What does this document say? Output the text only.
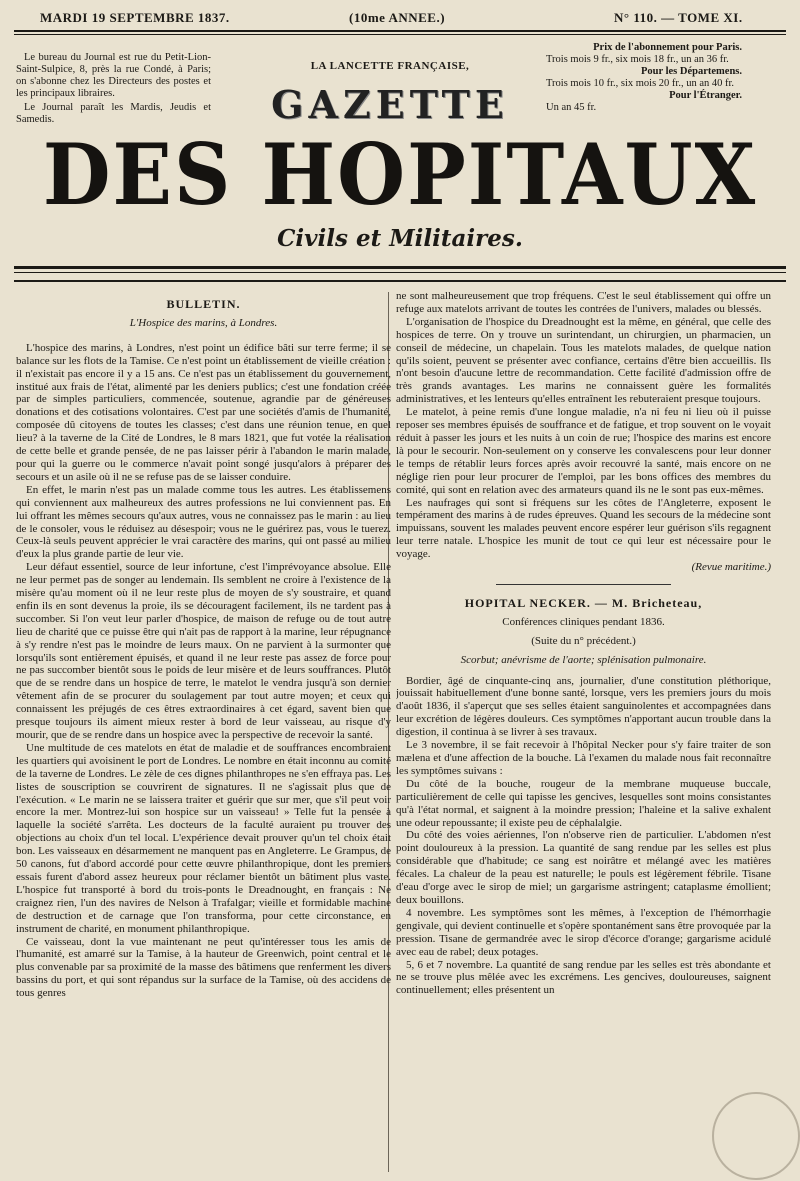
MARDI 19 SEPTEMBRE 1837.	(10me ANNEE.)	N° 110. — TOME XI.

Le bureau du Journal est rue du Petit-Lion-Saint-Sulpice, 8, près la rue Condé, à Paris; on s'abonne chez les Directeurs des postes et les principaux libraires.

Le Journal paraît les Mardis, Jeudis et Samedis.

LA LANCETTE FRANÇAISE,
GAZETTE

Prix de l'abonnement pour Paris.

Trois mois 9 fr., six mois 18 fr., un an 36 fr.

Pour les Départemens.

Trois mois 10 fr., six mois 20 fr., un an 40 fr.

Pour l'Étranger.

Un an 45 fr.

DES HOPITAUX
Civils et Militaires.
BULLETIN.

L'Hospice des marins, à Londres.

L'hospice des marins, à Londres, n'est point un édifice bâti sur terre ferme; il se balance sur les flots de la Tamise. Ce n'est point un établissement de vieille création : il n'existait pas encore il y a 15 ans. Ce n'est pas un établissement du gouvernement, institué aux frais de l'état, alimenté par les deniers publics; c'est une fondation créée par de simples particuliers, commencée, soutenue, agrandie par de généreuses donations et des cotisations volontaires. C'est par une sociétés d'amis de l'humanité, composée dû citoyens de toutes les classes; c'est dans une réunion tenue, en quel lieu? à la taverne de la Cité de Londres, le 8 mars 1821, que fut votée la réalisation de cette belle et grande pensée, de ne pas laisser périr à l'abandon le marin malade, pour qui la guerre ou le commerce n'avait point songé jusqu'alors à préparer des secours et un asile où il ne se refuse pas de se laisser conduire.

En effet, le marin n'est pas un malade comme tous les autres. Les établissemens qui conviennent aux malheureux des autres professions ne lui conviennent pas. En lui offrant les mêmes secours qu'aux autres, vous ne connaissez pas le marin : au lieu de le consoler, vous le réduisez au désespoir; vous ne le guérirez pas, vous le tuerez. Ceux-là seuls peuvent apprécier le vrai caractère des marins, qui ont passé au milieu d'eux la plus grande partie de leur vie.

Leur défaut essentiel, source de leur infortune, c'est l'imprévoyance absolue. Elle ne leur permet pas de songer au lendemain. Ils semblent ne croire à l'existence de la misère qu'au moment où il ne leur reste plus de moyen de s'y soustraire, et quand enfin ils en sont devenus la proie, ils se découragent facilement, ils ne tardent pas à succomber. Si l'on veut leur parler d'hospice, de maison de refuge ou de tout autre lieu de charité que ce puisse être qui n'ait pas de rapport à la marine, leur répugnance à s'y rendre n'est pas le moindre de leurs maux. On ne parvient à la surmonter que lorsqu'ils sont entièrement épuisés, et quand il ne leur reste pas assez de force pour ne pas succomber bientôt sous le poids de leur misère et de leurs souffrances. Plutôt que de se rendre dans un hospice de terre, le matelot le vendra jusqu'à son dernier vêtement afin de se procurer du soulagement par tout autre moyen; et ceux qui connaissent les préjugés de ces êtres extraordinaires à cet égard, savent bien que presque toujours ils aiment mieux rester à bord de leur vaisseau, au risque d'y mourir, que de se rendre dans un hospice avec la perspective de recevoir la santé.

Une multitude de ces matelots en état de maladie et de souffrances encombraient les quartiers qui avoisinent le port de Londres. Le nombre en était inconnu au comité de la taverne de Londres. Le zèle de ces dignes philanthropes ne s'en effraya pas. Les listes de souscription se couvrirent de signatures. Il ne s'agissait plus que de l'exécution. « Le marin ne se laissera traiter et guérir que sur mer, que s'il peut voir encore la mer. Montrez-lui son hospice sur un vaisseau! » Telle fut la pensée à laquelle la société s'arrêta. Les docteurs de la faculté auraient pu trouver des objections au choix d'un tel local. L'expérience devait prouver qu'un tel choix était bon. Les vaisseaux en désarmement ne manquent pas en Angleterre. Le Grampus, de 50 canons, fut d'abord accordé pour cette œuvre philanthropique, dont les premiers essais furent d'abord assez heureux pour réclamer bientôt un bâtiment plus vaste. L'hospice fut transporté à bord du trois-ponts le Dreadnought, en français : Ne craignez rien, l'un des navires de Nelson à Trafalgar; vieille et formidable machine de destruction et de carnage que l'on transforma, pour cette circonstance, en instrument de charité, en monument philanthropique.

Ce vaisseau, dont la vue maintenant ne peut qu'intéresser tous les amis de l'humanité, est amarré sur la Tamise, à la hauteur de Greenwich, point central et le plus convenable par sa proximité de la masse des bâtimens que renferment les divers bassins du port, et qui sont répandus sur la surface de la Tamise, où des accidens de tous genres

ne sont malheureusement que trop fréquens. C'est le seul établissement qui offre un refuge aux matelots arrivant de toutes les contrées de l'univers, malades ou blessés.

L'organisation de l'hospice du Dreadnought est la même, en général, que celle des hospices de terre. On y trouve un surintendant, un chirurgien, un pharmacien, un conseil de médecine, un chapelain. Tous les matelots malades, de quelque nation qu'ils soient, peuvent se présenter avec confiance, certains d'être bien accueillis. Ils n'ont besoin d'aucune lettre de recommandation. Cette facilité d'admission offre de très grands avantages. Les marins ne connaissent guère les formalités administratives, et les lenteurs qu'elles entraînent les rebuteraient presque toujours.

Le matelot, à peine remis d'une longue maladie, n'a ni feu ni lieu où il puisse reposer ses membres épuisés de souffrance et de fatigue, et trop souvent on le voyait réduit à passer les jours et les nuits à un coin de rue; l'hospice des marins est encore là pour le secourir. Non-seulement on y conserve les convalescens pour leur donner le temps de rétablir leurs forces après avoir recouvré la santé, mais encore on ne néglige rien pour leur procurer de l'emploi, par les bons offices des membres du comité, qui sont en relation avec des armateurs quand ils ne le sont pas eux-mêmes.

Les naufrages qui sont si fréquens sur les côtes de l'Angleterre, exposent le tempérament des marins à de rudes épreuves. Quand les secours de la médecine sont impuissans, souvent les malades peuvent encore espérer leur guérison s'ils regagnent leur terre natale. L'hospice les munit de tout ce qui leur est nécessaire pour le voyage.

(Revue maritime.)

HOPITAL NECKER. — M. Bricheteau,

Conférences cliniques pendant 1836.

(Suite du n° précédent.)

Scorbut; anévrisme de l'aorte; splénisation pulmonaire.

Bordier, âgé de cinquante-cinq ans, journalier, d'une constitution pléthorique, jouissait habituellement d'une bonne santé, lorsque, vers les premiers jours du mois d'août 1836, il s'aperçut que ses selles étaient sanguinolentes et accompagnées dans leur excrétion de légères douleurs. Ces symptômes n'apportant aucun trouble dans la digestion, il continua à se livrer à ses travaux.

Le 3 novembre, il se fait recevoir à l'hôpital Necker pour s'y faire traiter de son mælena et d'une affection de la bouche. Là l'examen du malade nous fait reconnaître les symptômes suivans :

Du côté de la bouche, rougeur de la membrane muqueuse buccale, particulièrement de celle qui tapisse les gencives, lesquelles sont moins consistantes qu'à l'état normal, et saignent à la moindre pression; l'haleine et la salive exhalent une odeur repoussante; il existe peu de céphalalgie.

Du côté des voies aériennes, l'on n'observe rien de particulier. L'abdomen n'est point douloureux à la pression. La quantité de sang rendue par les selles est plus considérable que d'habitude; ce sang est noirâtre et mélangé avec les matières fécales. La chaleur de la peau est naturelle; le pouls est légèrement fébrile. Tisane d'eau d'orge avec le sirop de miel; un gargarisme astringent; cataplasme émollient; deux bouillons.

4 novembre. Les symptômes sont les mêmes, à l'exception de l'hémorrhagie gengivale, qui devient continuelle et s'opère spontanément sans être provoquée par la pression. Tisane de germandrée avec le sirop d'écorce d'orange; gargarisme acidulé avec eau de rabel; deux potages.

5, 6 et 7 novembre. La quantité de sang rendue par les selles est très abondante et ne se trouve plus mêlée avec les excrémens. Les gencives, douloureuses, saignent continuellement; elles présentent un
